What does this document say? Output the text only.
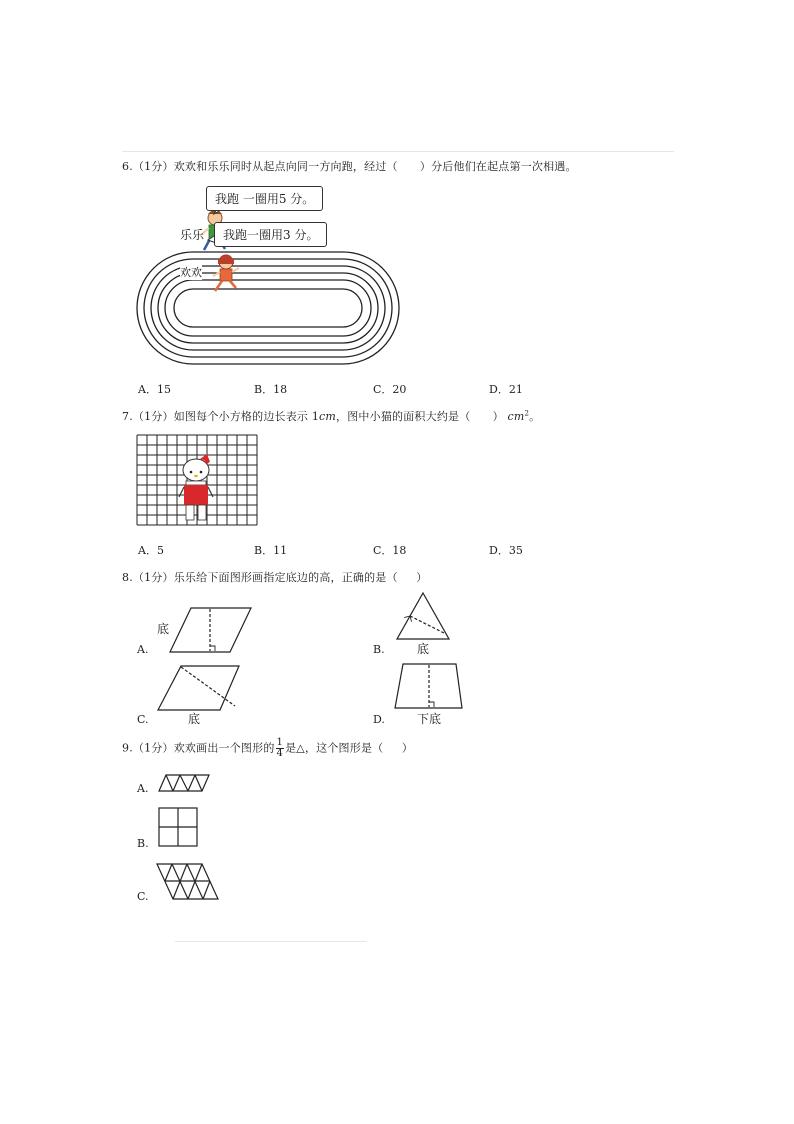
6.（1分）欢欢和乐乐同时从起点向同一方向跑，经过（ ）分后他们在起点第一次相遇。
我跑 一圈用5 分。
我跑一圈用3 分。
乐乐
欢欢
A．15	B．18	C．20	D．21
7.（1分）如图每个小方格的边长表示 1cm，图中小猫的面积大约是（ ） $cm^2$。
A．5	B．11	C．18	D．35
8.（1分）乐乐给下面图形画指定底边的高，正确的是（ ）
底
A.	底
B.
底
C.	下底
D.
9.（1分）欢欢画出一个图形的 $\frac{1}{4}$ 是△，这个图形是（ ）
A.
B.
C.
